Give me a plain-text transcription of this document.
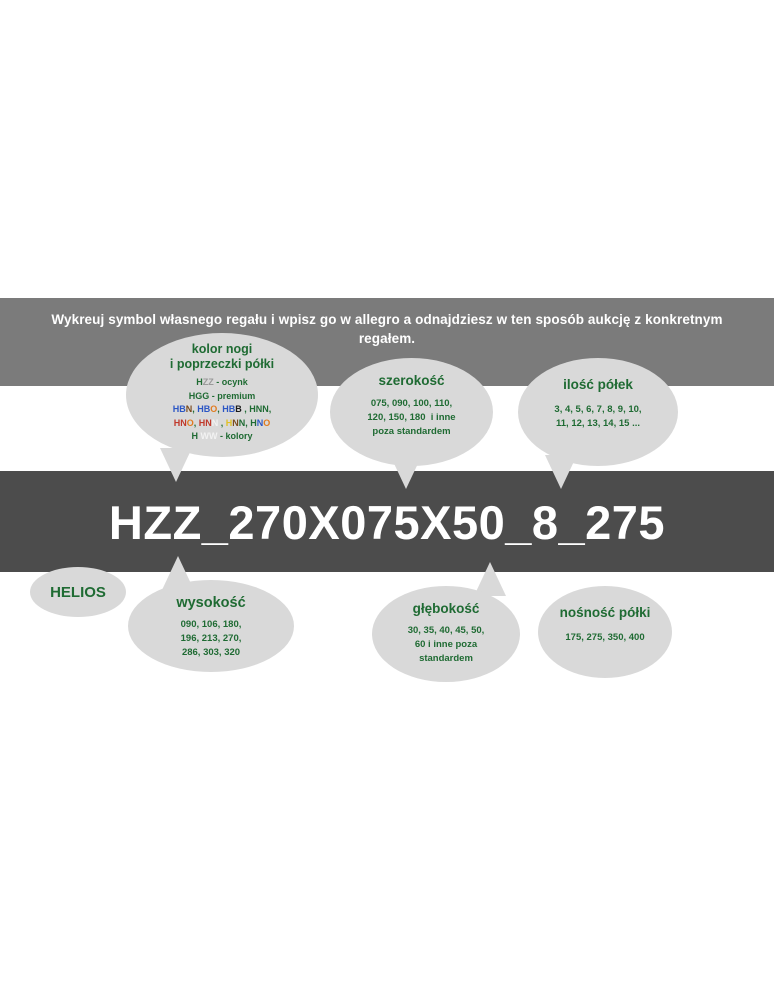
Wykreuj symbol własnego regału i wpisz go w allegro a odnajdziesz w ten sposób aukcję z konkretnym regałem.
HZZ_270X075X50_8_275
kolor nogi
i poprzeczki półki
HZZ - ocynk
HGG - premium
HBN, HBO, HBB , HNN,
HNO, HNN , HNN, HNO
H WW - kolory
szerokość
075, 090, 100, 110,
120, 150, 180  i inne
poza standardem
ilość półek
3, 4, 5, 6, 7, 8, 9, 10,
11, 12, 13, 14, 15 ...
HELIOS
wysokość
090, 106, 180,
196, 213, 270,
286, 303, 320
głębokość
30, 35, 40, 45, 50,
60 i inne poza
standardem
nośność półki
175, 275, 350, 400
